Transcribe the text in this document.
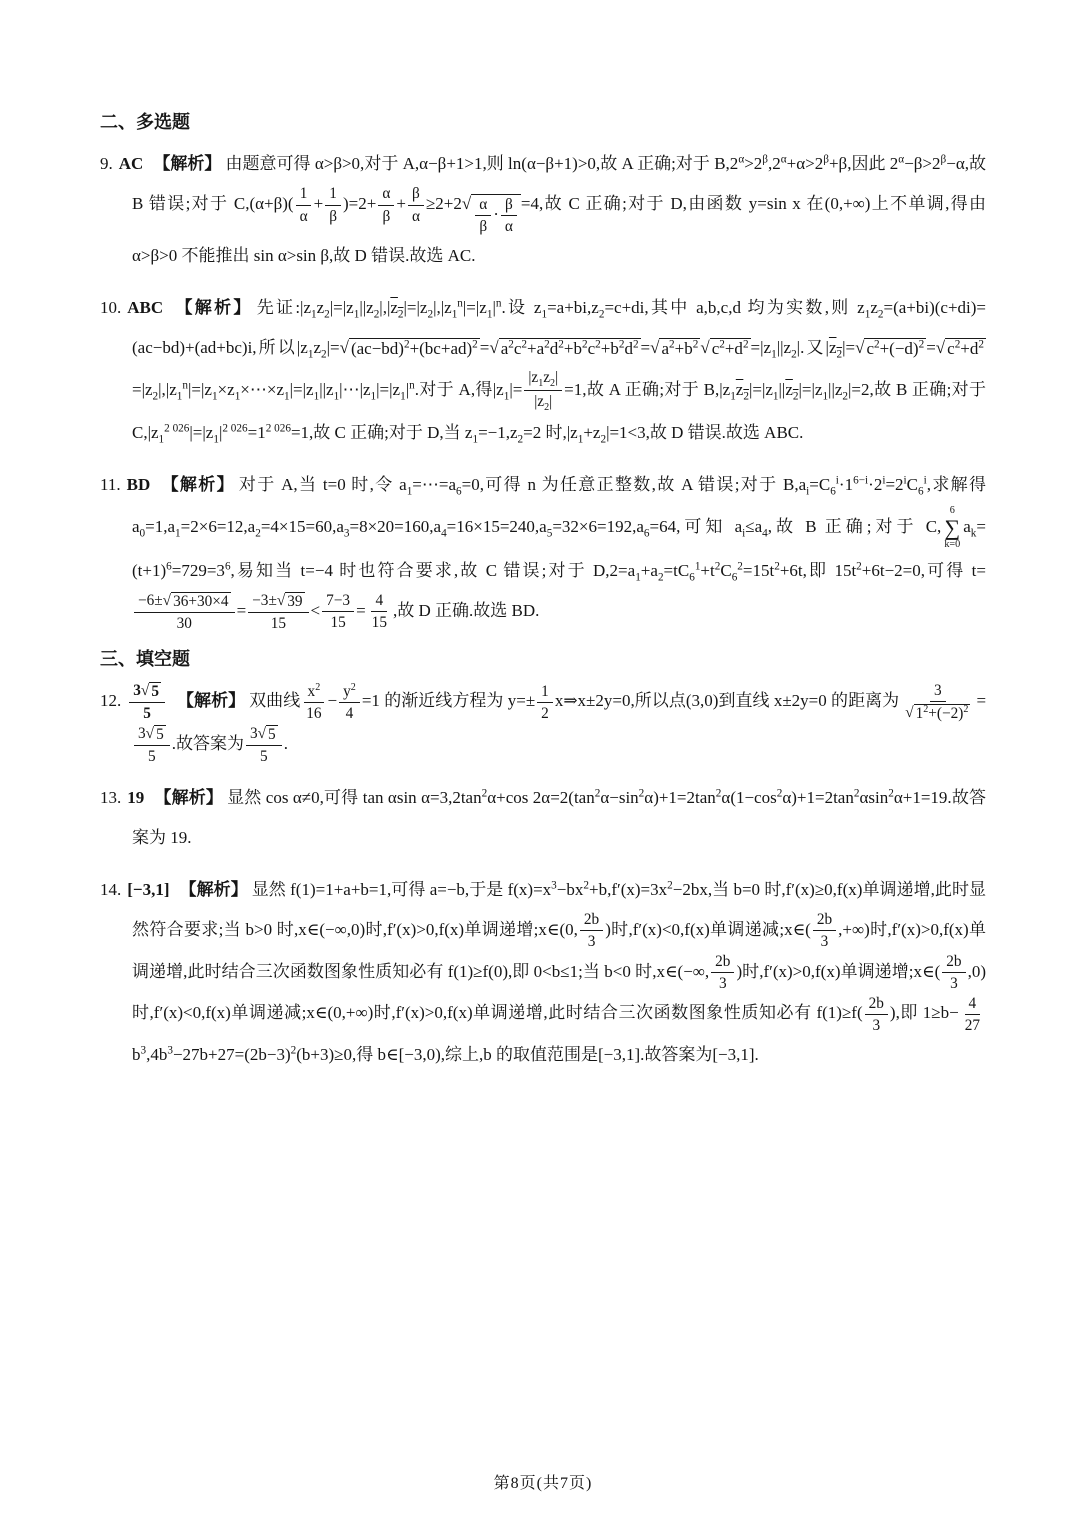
二、多选题
9. AC 【解析】 由题意可得 α>β>0,对于 A,α−β+1>1,则 ln(α−β+1)>0,故 A 正确;对于 $B,2^\alpha>2^\beta,2^\alpha+\alpha>2^\beta+\beta$,因此 $2^\alpha-\beta>2^\beta-\alpha$,故 B 错误;对于 $C,(\alpha+\beta)( \frac{1}{\alpha} + \frac{1}{\beta} )=2+ \frac{\alpha}{\beta} + \frac{\beta}{\alpha} \ge 2+2$ √ $\frac{\alpha}{\beta} \cdot \frac{\beta}{\alpha} =4$,故 C 正确;对于 D,由函数 y=sin x 在(0,+∞)上不单调,得由 α>β>0 不能推出 sin α>sin β,故 D 错误.故选 AC.
10. ABC 【解析】 先证$:|z_1z_2|=|z_1||z_2|,|z_2|=|z_2|,|z_1^n|=|z_1|^n$.设 $z_1=a+bi,z_2=c+di$,其中 a,b,c,d 均为实数,则 $z_1z_2=(a+bi)(c+di)=(ac-bd)+(ad+bc)i$,所以$|z_1z_2|=$ √ $(ac-bd)^2+(bc+ad)^2$ = √ $a^2c^2+a^2d^2+b^2c^2+b^2d^2$ = √ $a^2+b^2$ √ $c^2+d^2 =|z_1||z_2|$.又$|z_2|=$ √ $c^2+(-d)^2$ = √ $c^2+d^2$
$=|z_2|,|z_1^n|=|z_1\times z_1\times\cdots\times z_1|=|z_1||z_1|\cdots|z_1|=|z_1|^n$.对于 A,得$|z_1|= \frac{|z_1z_2|}{|z_2|} =1$,故 A 正确;对于 $B,|z_1z_2|=|z_1||z_2|=|z_1||z_2|=2$,故 B 正确;对于 $C,|z_1^{2 026}|=|z_1|^{2 026}=1^{2 026}=1$,故 C 正确;对于 D,当 $z_1=-1,z_2=2$ 时$,|z_1+z_2|=1<3$,故 D 错误.故选 ABC.
11. BD 【解析】 对于 A,当 t=0 时,令 $a_1=\cdots=a_6=0$,可得 n 为任意正整数,故 A 错误;对于 $B,a_i=C_6^i\cdot 1^{6-i}\cdot 2^i=2^iC_6^i$,求解得 $a_0=1,a_1=2\times 6=12,a_2=4\times 15=60,a_3=8\times 20=160,a_4=16\times 15=240,a_5=32\times 6=192,a_6=64$,可知 $a_i\le a_4$,故 B 正确;对于 C,
6
∑
k=0
$a_k=(t+1)^6=729=3^6$,易知当 t=−4 时也符合要求,故 C 错误;对于 $D,2=a_1+a_2=tC_6^1+t^2C_6^2=15t^2+6t$,即 $15t^2+6t-2=0$,可得 t=
$\frac{-6\pm √ 36+30\times 4}{30} = \frac{-3\pm √ 39}{15} < \frac{7-3}{15} = \frac{4}{15}$ ,故 D 正确.故选 BD.
三、填空题
12. $\frac{3 √ 5}{5}$ 【解析】 双曲线 $\frac{x^2}{16} - \frac{y^2}{4} =1$ 的渐近线方程为 $y=\pm \frac{1}{2}$ x⇒x±2y=0,所以点(3,0)到直线 x±2y=0 的距离为 $\frac{3}{√ 1^2+(-2)^2}$ =
$\frac{3 √ 5}{5}$ .故答案为 $\frac{3 √ 5}{5}$ .
13. 19 【解析】 显然 cos α≠0,可得 tan αsin $\alpha=3,2\tan^2\alpha+\cos$ $2\alpha=2(\tan^2\alpha-\sin^2\alpha)+1=2\tan^2\alpha(1-\cos^2\alpha)+1=2\tan^2\alpha\sin^2\alpha+1=19$.故答案为 19.
14. [−3,1] 【解析】 显然 f(1)=1+a+b=1,可得 a=−b,于是 $f(x)=x^3-bx^2+b,f'(x)=3x^2-2bx$,当 b=0 时,f′(x)≥0,f(x)单调递增,此时显然符合要求;当 b>0 时,x∈(−∞,0)时,f′(x)>0,f(x)单调递增;x∈(0, $\frac{2b}{3}$ )时,f′(x)<0,f(x)单调递减;x∈( $\frac{2b}{3}$ ,+∞)时,f′(x)>0,f(x)单调递增,此时结合三次函数图象性质知必有 f(1)≥f(0),即 0<b≤1;当 b<0 时,x∈(−∞, $\frac{2b}{3}$ )时,f′(x)>0,f(x)单调递增;x∈( $\frac{2b}{3} ,0$)时,f′(x)<0,f(x)单调递减;x∈(0,+∞)时,f′(x)>0,f(x)单调递增,此时结合三次函数图象性质知必有 $f(1)\ge f( \frac{2b}{3}$ ),即 $1\ge b- \frac{4}{27}$
$b^3,4b^3-27b+27=(2b-3)^2(b+3)\ge 0$,得 b∈[−3,0),综上,b 的取值范围是[−3,1].故答案为[−3,1].
第8页(共7页)
